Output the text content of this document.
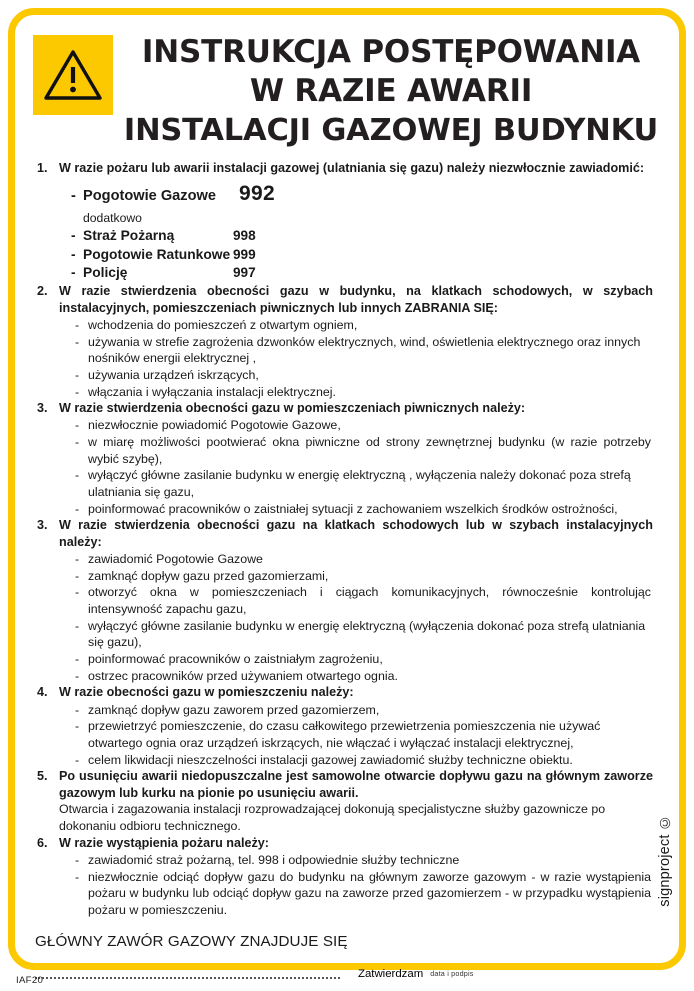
INSTRUKCJA POSTĘPOWANIA
W RAZIE AWARII
INSTALACJI GAZOWEJ BUDYNKU
1. W razie pożaru lub awarii instalacji gazowej (ulatniania się gazu) należy niezwłocznie zawiadomić:
- Pogotowie Gazowe	992
dodatkowo
- Straż Pożarną	998
- Pogotowie Ratunkowe 999
- Policję	997
2. W razie stwierdzenia obecności gazu w budynku, na klatkach schodowych, w szybach instalacyjnych, pomieszczeniach piwnicznych lub innych ZABRANIA SIĘ:
- wchodzenia do pomieszczeń z otwartym ogniem,
- używania w strefie zagrożenia dzwonków elektrycznych, wind, oświetlenia elektrycznego oraz innych nośników energii elektrycznej ,
- używania urządzeń iskrzących,
- włączania i wyłączania instalacji elektrycznej.
3. W razie stwierdzenia obecności gazu w pomieszczeniach piwnicznych należy:
- niezwłocznie powiadomić Pogotowie Gazowe,
- w miarę możliwości pootwierać okna piwniczne od strony zewnętrznej budynku (w razie potrzeby wybić szybę),
- wyłączyć główne zasilanie budynku w energię elektryczną , wyłączenia należy dokonać poza strefą ulatniania się gazu,
- poinformować pracowników o zaistniałej sytuacji z zachowaniem wszelkich środków ostrożności,
3. W razie stwierdzenia obecności gazu na klatkach schodowych lub w szybach instalacyjnych należy:
- zawiadomić Pogotowie Gazowe
- zamknąć dopływ gazu przed gazomierzami,
- otworzyć okna w pomieszczeniach i ciągach komunikacyjnych, równocześnie kontrolując intensywność zapachu gazu,
- wyłączyć główne zasilanie budynku w energię elektryczną (wyłączenia dokonać poza strefą ulatniania się gazu),
- poinformować pracowników o zaistniałym zagrożeniu,
- ostrzec pracowników przed używaniem otwartego ognia.
4. W razie obecności gazu w pomieszczeniu należy:
- zamknąć dopływ gazu zaworem przed gazomierzem,
- przewietrzyć pomieszczenie, do czasu całkowitego przewietrzenia pomieszczenia nie używać otwartego ognia oraz urządzeń iskrzących, nie włączać i wyłączać instalacji elektrycznej,
- celem likwidacji nieszczelności instalacji gazowej zawiadomić służby techniczne obiektu.
5. Po usunięciu awarii niedopuszczalne jest samowolne otwarcie dopływu gazu na głównym zaworze gazowym lub kurku na pionie po usunięciu awarii.
Otwarcia i zagazowania instalacji rozprowadzającej dokonują specjalistyczne służby gazownicze po dokonaniu odbioru technicznego.
6. W razie wystąpienia pożaru należy:
- zawiadomić straż pożarną, tel. 998 i odpowiednie służby techniczne
- niezwłocznie odciąć dopływ gazu do budynku na głównym zaworze gazowym - w razie wystąpienia pożaru w budynku lub odciąć dopływ gazu na zaworze przed gazomierzem - w przypadku wystąpienia pożaru w pomieszczeniu.
GŁÓWNY ZAWÓR GAZOWY ZNAJDUJE SIĘ
Zatwierdzam data i podpis
signproject ©
IAF20
